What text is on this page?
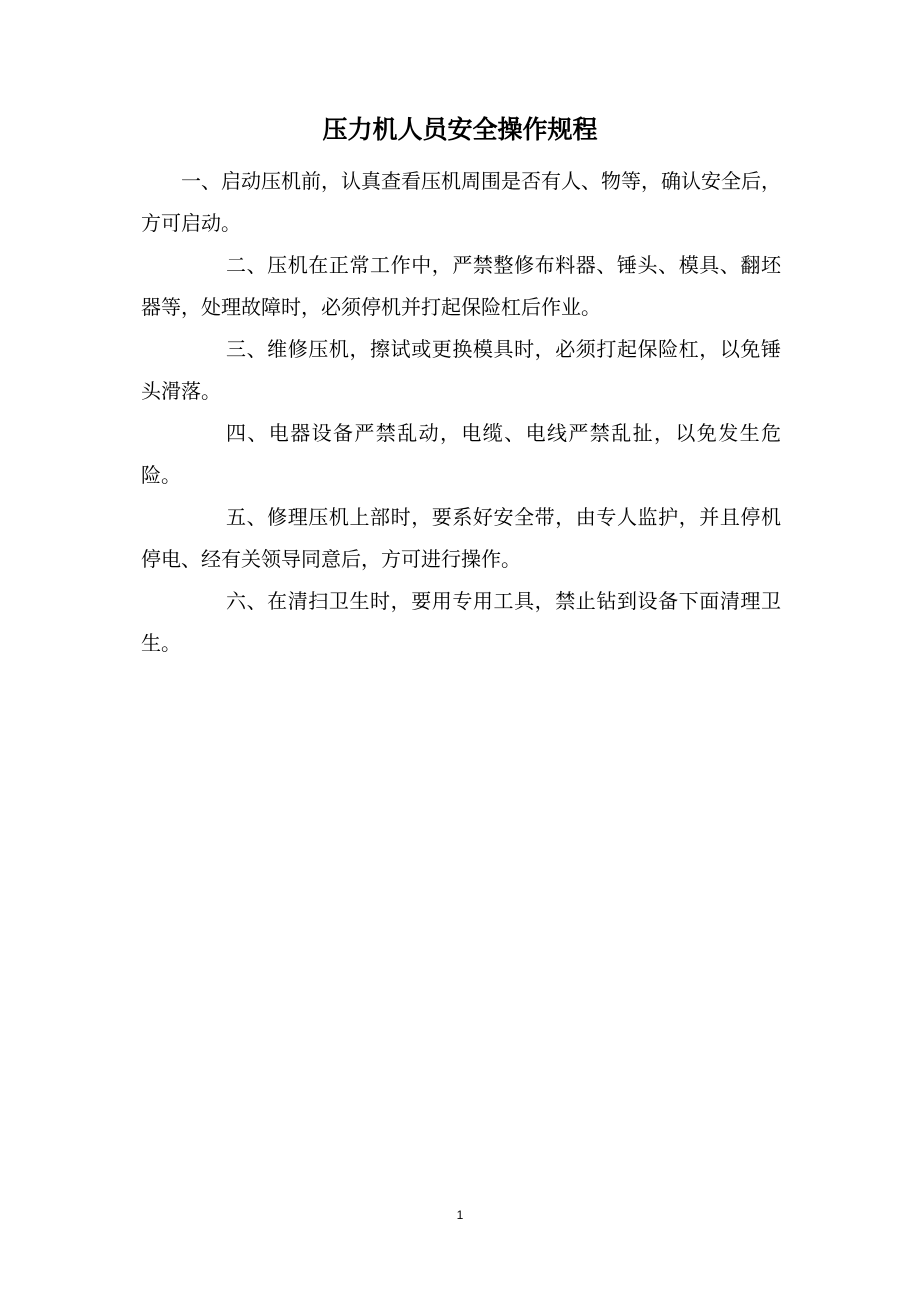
压力机人员安全操作规程

一、启动压机前，认真查看压机周围是否有人、物等，确认安全后，方可启动。

二、压机在正常工作中，严禁整修布料器、锤头、模具、翻坯器等，处理故障时，必须停机并打起保险杠后作业。

三、维修压机，擦试或更换模具时，必须打起保险杠，以免锤头滑落。

四、电器设备严禁乱动，电缆、电线严禁乱扯，以免发生危险。

五、修理压机上部时，要系好安全带，由专人监护，并且停机停电、经有关领导同意后，方可进行操作。

六、在清扫卫生时，要用专用工具，禁止钻到设备下面清理卫生。

1
